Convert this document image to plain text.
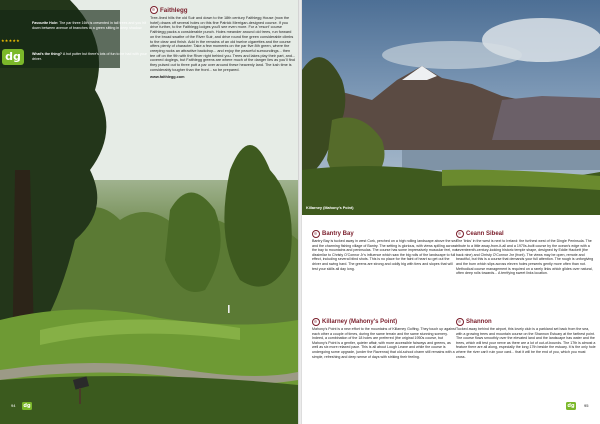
★★★★★
dg
Favourite Hole: The par three 16th is cresented in tall trees and you hit down between avenue of branches to a green sitting in deep shadow.
What's the thing? A hot putter but there's lots of fun to be had with your driver.
Faithlegg

Tree-lined hills the old Suir and down to the 18th century Faithlegg House (now the hotel) draws off several holes on this fine Patrick Merrigan-designed course. If you drive further, to the Faithlegg lodges you'll see even more. For a 'resort' course Faithlegg packs a considerable punch. Holes meander around old trees, run forward on the broad swathe of the River Suir, and drive round fine green considerable climbs to the clear and finish. Add in the remains of an old twelve cigarettes and the course offers plenty of character. Take a few moments on the par five 8th green, where the creeping rocks an attractive backdrop... and enjoy the peaceful surroundings... then tee off on the 9th with the River right behind you. Trees and lakes play their part, and... covered doglegs, but Faithlegg greens are where much of the danger lies as you'll find they pulsed out to three putt a par over around these heavenly land. The lush time is considerably tougher than the front... so be prepared.

www.faithlegg.com
dg
94
Killarney (Mahony's Point)
Bantry Bay
Bantry Bay is tucked away in west Cork, perched on a high rolling landscape above the sea and the charming fishing village of Bantry. The setting is glorious, with views spilling across the bay to mountains and peninsulas. The course has some impressively muscular feel, not dissimilar to Christy O'Connor Jr's influence which saw the big rolls of the landscape to full effect, including several blind shots. This is no place for the faint of heart so get out the driver and swing hard. The greens are strong and oddly big with tiers and slopes that will test your skills all day long.
Ceann Sibeal
The 'links' in the west is next to Ireland: the furthest west of the Dingle Peninsula. The tribute to a little away-from-it-all and a 1970s-built course by the ocean's edge with a seventeenth-century-looking historic temple shape, designed by Eddie Hackett (the back nine) and Christy O'Connor Jnr (front). The views may be open, remote and beautiful, but this is a course that demands your full attention. The rough is unforgiving and the burn which slips across eleven holes presents gently more often than not. Methodical course management is required on a rarely links which glides over natural, often deep rolls towards... A terrifying sweet links location.
Killarney (Mahony's Point)
Mahony's Point is a new effort to the mountains of Killarney Golfing. They touch up against each other a couple of times, during the same terrain and the same stunning scenery. Indeed, a combination of the 18 holes are preferred (the original 1950s course, but Mahony's Point is a gentler, quieter affair, with more accessible fairways and greens, as well as six more relaxed pace. This is all about Lough Leane and while the course is undergoing some upgrade, (under the Ravenna) that old-school charm still remains with a simple, refreshing and deep sense of days with striking their feeling.
Shannon
Tucked away behind the airport, this lovely club is a parkland set back from the sea, with a growing trees and mountain course on the Shannon Estuary at the farthest point. The course flows smoothly over the elevated land and the landscape has water and the trees, which will test your nerve as there are a lot of out-of-bounds. The 17th is almost a feature there are all along, especially the long 17th beside the estuary. It is the only hole where the river can't ruin your card... that it will be the end of you, which you must cross.
dg	95
